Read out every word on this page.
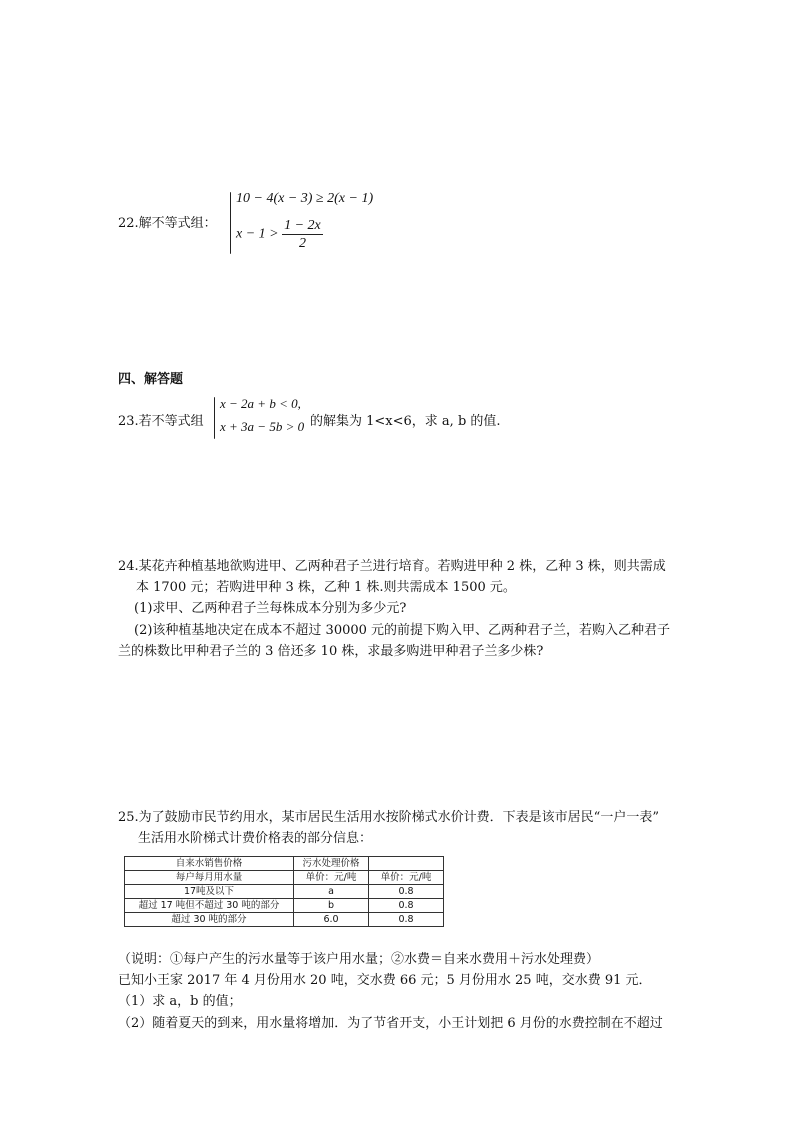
22.解不等式组：
10 − 4(x − 3) ≥ 2(x − 1)
$x - 1 > \frac{1 - 2x}{2}$
四、解答题
23.若不等式组
x − 2a + b < 0,
x + 3a − 5b > 0 的解集为 1<x<6，求 a, b 的值.
24.某花卉种植基地欲购进甲、乙两种君子兰进行培育。若购进甲种 2 株，乙种 3 株，则共需成
本 1700 元；若购进甲种 3 株，乙种 1 株.则共需成本 1500 元。
(1)求甲、乙两种君子兰每株成本分别为多少元?
(2)该种植基地决定在成本不超过 30000 元的前提下购入甲、乙两种君子兰，若购入乙种君子
兰的株数比甲种君子兰的 3 倍还多 10 株，求最多购进甲种君子兰多少株?
25.为了鼓励市民节约用水，某市居民生活用水按阶梯式水价计费．下表是该市居民“一户一表”
生活用水阶梯式计费价格表的部分信息：
自来水销售价格	污水处理价格	
每户每月用水量	单价：元/吨	单价：元/吨
17吨及以下	a	0.8
超过 17 吨但不超过 30 吨的部分	b	0.8
超过 30 吨的部分	6.0	0.8
（说明：①每户产生的污水量等于该户用水量；②水费＝自来水费用＋污水处理费）
已知小王家 2017 年 4 月份用水 20 吨，交水费 66 元；5 月份用水 25 吨，交水费 91 元．
（1）求 a，b 的值；
（2）随着夏天的到来，用水量将增加．为了节省开支，小王计划把 6 月份的水费控制在不超过
